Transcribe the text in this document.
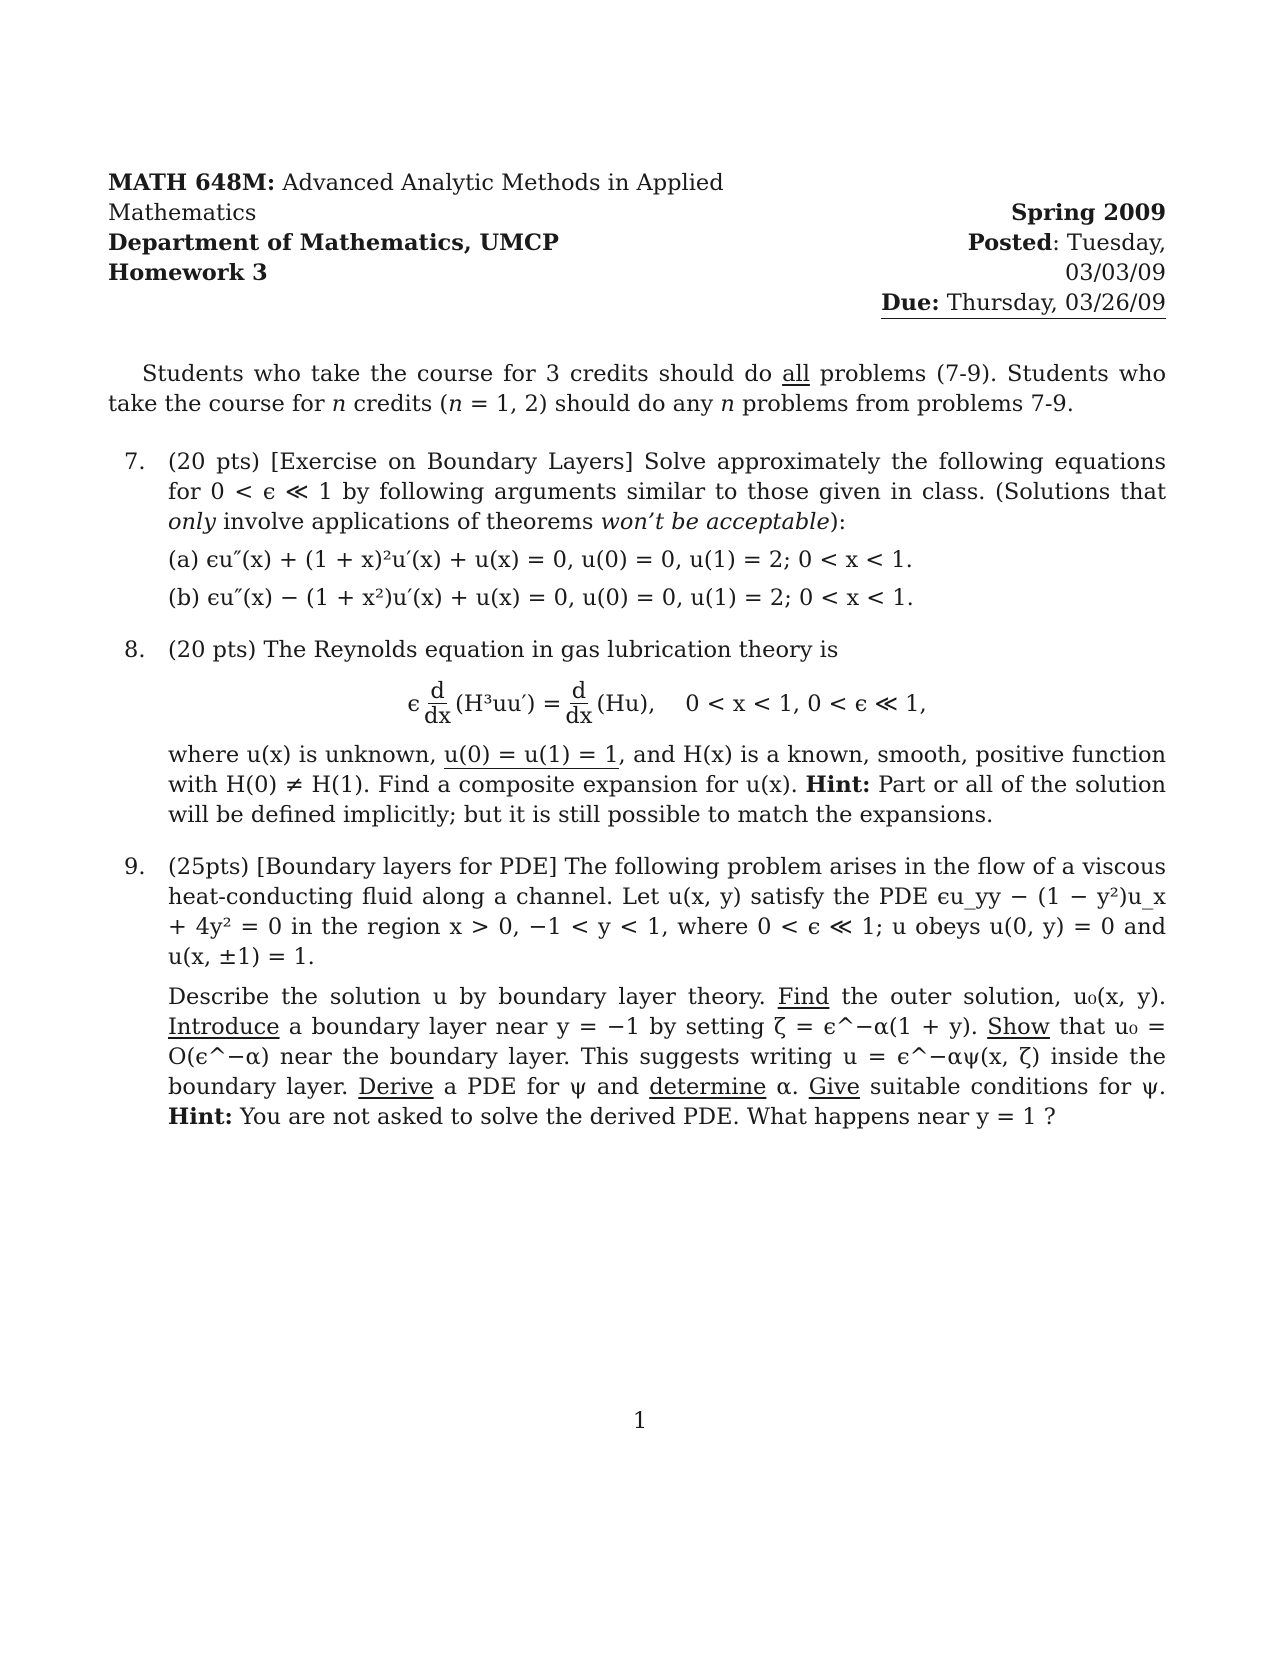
MATH 648M: Advanced Analytic Methods in Applied Mathematics
Department of Mathematics, UMCP
Homework 3
Spring 2009
Posted: Tuesday, 03/03/09
Due: Thursday, 03/26/09
Students who take the course for 3 credits should do all problems (7-9). Students who take the course for n credits (n = 1, 2) should do any n problems from problems 7-9.
7. (20 pts) [Exercise on Boundary Layers] Solve approximately the following equations for 0 < ϵ ≪ 1 by following arguments similar to those given in class. (Solutions that only involve applications of theorems won’t be acceptable):
(a) ϵu″(x) + (1 + x)²u′(x) + u(x) = 0, u(0) = 0, u(1) = 2; 0 < x < 1.
(b) ϵu″(x) − (1 + x²)u′(x) + u(x) = 0, u(0) = 0, u(1) = 2; 0 < x < 1.
8. (20 pts) The Reynolds equation in gas lubrication theory is
ϵ $\frac{d}{dx} (H^3uu') = \frac{d}{dx} (Hu)$, 0 < x < 1, 0 < ϵ ≪ 1,
where u(x) is unknown, u(0) = u(1) = 1, and H(x) is a known, smooth, positive function with H(0) ≠ H(1). Find a composite expansion for u(x). Hint: Part or all of the solution will be defined implicitly; but it is still possible to match the expansions.
9. (25pts) [Boundary layers for PDE] The following problem arises in the flow of a viscous heat-conducting fluid along a channel. Let u(x, y) satisfy the PDE ϵu_yy − (1 − y²)u_x + 4y² = 0 in the region x > 0, −1 < y < 1, where 0 < ϵ ≪ 1; u obeys u(0, y) = 0 and u(x, ±1) = 1.
Describe the solution u by boundary layer theory. Find the outer solution, u₀(x, y). Introduce a boundary layer near y = −1 by setting ζ = ϵ^−α(1 + y). Show that u₀ = O(ϵ^−α) near the boundary layer. This suggests writing u = ϵ^−αψ(x, ζ) inside the boundary layer. Derive a PDE for ψ and determine α. Give suitable conditions for ψ. Hint: You are not asked to solve the derived PDE. What happens near y = 1 ?
1
